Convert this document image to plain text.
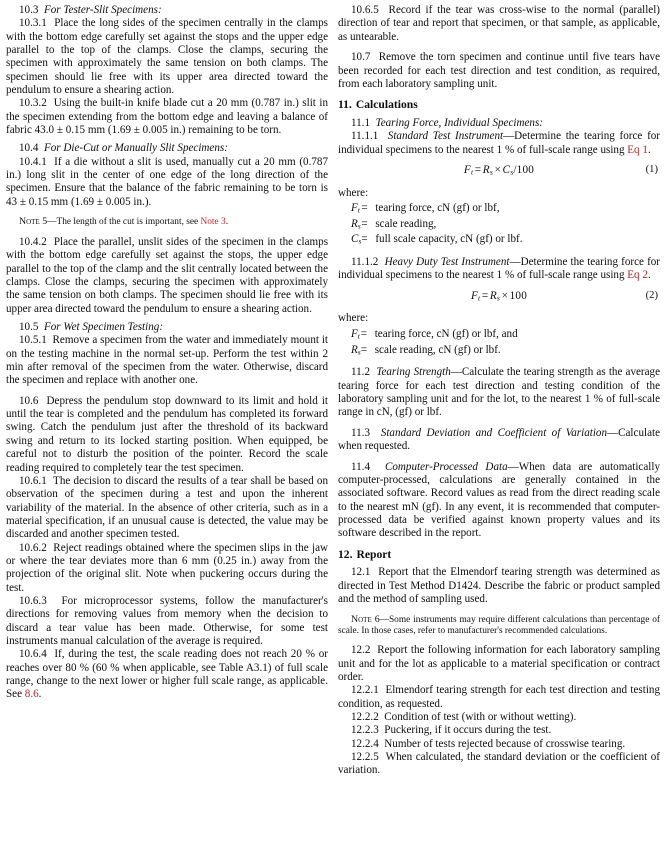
10.3 For Tester-Slit Specimens:

10.3.1 Place the long sides of the specimen centrally in the clamps with the bottom edge carefully set against the stops and the upper edge parallel to the top of the clamps. Close the clamps, securing the specimen with approximately the same tension on both clamps. The specimen should lie free with its upper area directed toward the pendulum to ensure a shearing action.

10.3.2 Using the built-in knife blade cut a 20 mm (0.787 in.) slit in the specimen extending from the bottom edge and leaving a balance of fabric 43.0 ± 0.15 mm (1.69 ± 0.005 in.) remaining to be torn.

10.4 For Die-Cut or Manually Slit Specimens:

10.4.1 If a die without a slit is used, manually cut a 20 mm (0.787 in.) long slit in the center of one edge of the long direction of the specimen. Ensure that the balance of the fabric remaining to be torn is 43 ± 0.15 mm (1.69 ± 0.005 in.).

Note 5—The length of the cut is important, see Note 3.

10.4.2 Place the parallel, unslit sides of the specimen in the clamps with the bottom edge carefully set against the stops, the upper edge parallel to the top of the clamp and the slit centrally located between the clamps. Close the clamps, securing the specimen with approximately the same tension on both clamps. The specimen should lie free with its upper area directed toward the pendulum to ensure a shearing action.

10.5 For Wet Specimen Testing:

10.5.1 Remove a specimen from the water and immediately mount it on the testing machine in the normal set-up. Perform the test within 2 min after removal of the specimen from the water. Otherwise, discard the specimen and replace with another one.

10.6 Depress the pendulum stop downward to its limit and hold it until the tear is completed and the pendulum has completed its forward swing. Catch the pendulum just after the threshold of its backward swing and return to its locked starting position. When equipped, be careful not to disturb the position of the pointer. Record the scale reading required to completely tear the test specimen.

10.6.1 The decision to discard the results of a tear shall be based on observation of the specimen during a test and upon the inherent variability of the material. In the absence of other criteria, such as in a material specification, if an unusual cause is detected, the value may be discarded and another specimen tested.

10.6.2 Reject readings obtained where the specimen slips in the jaw or where the tear deviates more than 6 mm (0.25 in.) away from the projection of the original slit. Note when puckering occurs during the test.

10.6.3 For microprocessor systems, follow the manufacturer's directions for removing values from memory when the decision to discard a tear value has been made. Otherwise, for some test instruments manual calculation of the average is required.

10.6.4 If, during the test, the scale reading does not reach 20 % or reaches over 80 % (60 % when applicable, see Table A3.1) of full scale range, change to the next lower or higher full scale range, as applicable. See 8.6.

10.6.5 Record if the tear was cross-wise to the normal (parallel) direction of tear and report that specimen, or that sample, as applicable, as untearable.

10.7 Remove the torn specimen and continue until five tears have been recorded for each test direction and test condition, as required, from each laboratory sampling unit.

11. Calculations

11.1 Tearing Force, Individual Specimens:

11.1.1 Standard Test Instrument—Determine the tearing force for individual specimens to the nearest 1 % of full-scale range using Eq 1.

$F_t = R_s \times C_s/100$	(1)

where:

$F_t$	=	tearing force, cN (gf) or lbf,
$R_s$	=	scale reading,
$C_s$	=	full scale capacity, cN (gf) or lbf.

11.1.2 Heavy Duty Test Instrument—Determine the tearing force for individual specimens to the nearest 1 % of full-scale range using Eq 2.

$F_t = R_s \times 100$	(2)

where:

$F_t$	=	tearing force, cN (gf) or lbf, and
$R_s$	=	scale reading, cN (gf) or lbf.

11.2 Tearing Strength—Calculate the tearing strength as the average tearing force for each test direction and testing condition of the laboratory sampling unit and for the lot, to the nearest 1 % of full-scale range in cN, (gf) or lbf.

11.3 Standard Deviation and Coefficient of Variation—Calculate when requested.

11.4 Computer-Processed Data—When data are automatically computer-processed, calculations are generally contained in the associated software. Record values as read from the direct reading scale to the nearest mN (gf). In any event, it is recommended that computer-processed data be verified against known property values and its software described in the report.

12. Report

12.1 Report that the Elmendorf tearing strength was determined as directed in Test Method D1424. Describe the fabric or product sampled and the method of sampling used.

Note 6—Some instruments may require different calculations than percentage of scale. In those cases, refer to manufacturer's recommended calculations.

12.2 Report the following information for each laboratory sampling unit and for the lot as applicable to a material specification or contract order.

12.2.1 Elmendorf tearing strength for each test direction and testing condition, as requested.

12.2.2 Condition of test (with or without wetting).

12.2.3 Puckering, if it occurs during the test.

12.2.4 Number of tests rejected because of crosswise tearing.

12.2.5 When calculated, the standard deviation or the coefficient of variation.
